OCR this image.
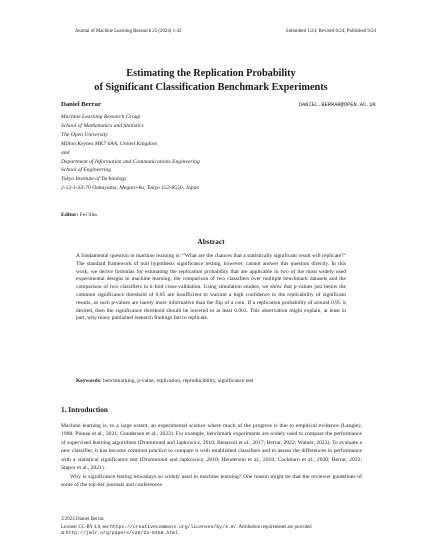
Journal of Machine Learning Research 25 (2024) 1-42	Submitted 1/24; Revised 6/24; Published 9/24
Estimating the Replication Probability
of Significant Classification Benchmark Experiments
Daniel Berrar	DANIEL.BERRAR@OPEN.AC.UK
Machine Learning Research Group
School of Mathematics and Statistics
The Open University
Milton Keynes MK7 6AA, United Kingdom
and
Department of Information and Communications Engineering
School of Engineering
Tokyo Institute of Technology
2-12-1-S3-70 Ookayama, Meguro-ku, Tokyo 152-8550, Japan
Editor: Fei Sha
Abstract
A fundamental question in machine learning is: “What are the chances that a statistically significant result will replicate?” The standard framework of null hypothesis significance testing, however, cannot answer this question directly. In this work, we derive formulas for estimating the replication probability that are applicable in two of the most widely used experimental designs in machine learning: the comparison of two classifiers over multiple benchmark datasets and the comparison of two classifiers in k-fold cross-validation. Using simulation studies, we show that p-values just below the common significance threshold of 0.05 are insufficient to warrant a high confidence in the replicability of significant results, as such p-values are barely more informative than the flip of a coin. If a replication probability of around 0.95 is desired, then the significance threshold should be lowered to at least 0.003. This observation might explain, at least in part, why many published research findings fail to replicate.
Keywords: benchmarking, p-value, replication, reproducibility, significance test
1. Introduction

Machine learning is, to a large extent, an experimental science where much of the progress is due to empirical evidence (Langley, 1988; Pineau et al., 2021; Gundersen et al., 2022). For example, benchmark experiments are widely used to compare the performance of supervised learning algorithms (Drummond and Japkowicz, 2010; Benavoli et al., 2017; Berrar, 2022; Wainer, 2023). To evaluate a new classifier, it has become common practice to compare it with established classifiers and to assess the differences in performance with a statistical significance test (Drummond and Japkowicz, 2010; Henderson et al., 2018; Cockburn et al., 2020; Berrar, 2022; Stapor et al., 2021).

Why is significance testing nowadays so widely used in machine learning? One reason might be that the reviewer guidelines of some of the top-tier journals and conferences

©2024 Daniel Berrar.
License: CC-BY 4.0, see https://creativecommons.org/licenses/by/4.0/. Attribution requirements are provided
at http://jmlr.org/papers/v25/24-0158.html.
